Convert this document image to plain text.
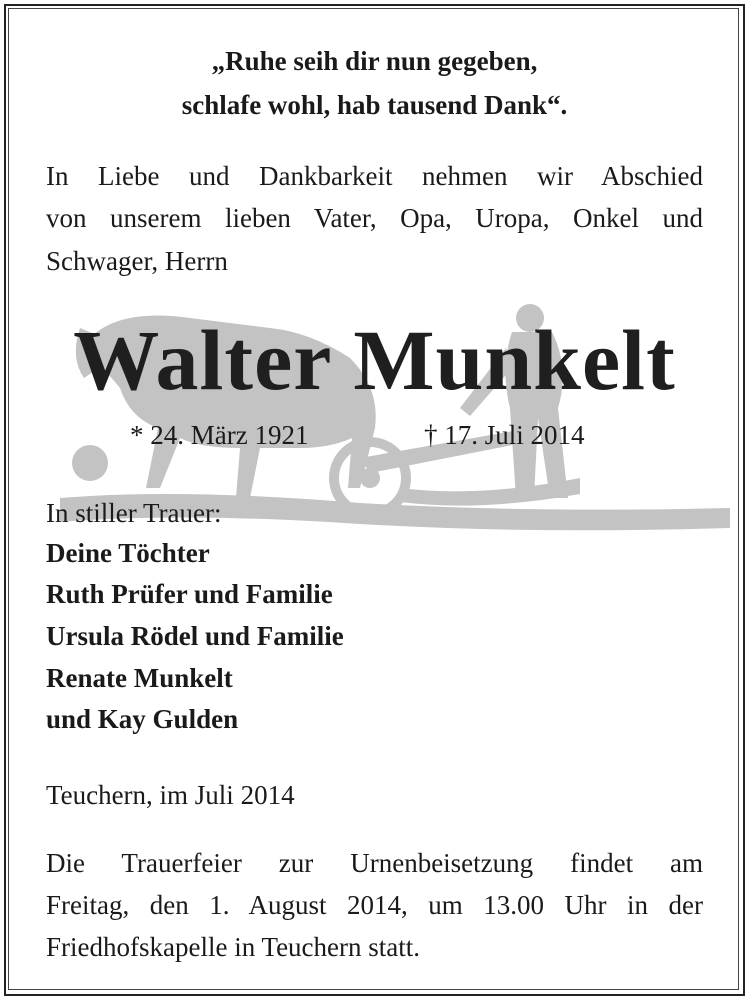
„Ruhe seih dir nun gegeben,
schlafe wohl, hab tausend Dank“.
In Liebe und Dankbarkeit nehmen wir Abschied
von unserem lieben Vater, Opa, Uropa, Onkel und
Schwager, Herrn
Walter Munkelt
* 24. März 1921	† 17. Juli 2014
In stiller Trauer:
Deine Töchter
Ruth Prüfer und Familie
Ursula Rödel und Familie
Renate Munkelt
und Kay Gulden
Teuchern, im Juli 2014
Die Trauerfeier zur Urnenbeisetzung findet am
Freitag, den 1. August 2014, um 13.00 Uhr in der
Friedhofskapelle in Teuchern statt.
